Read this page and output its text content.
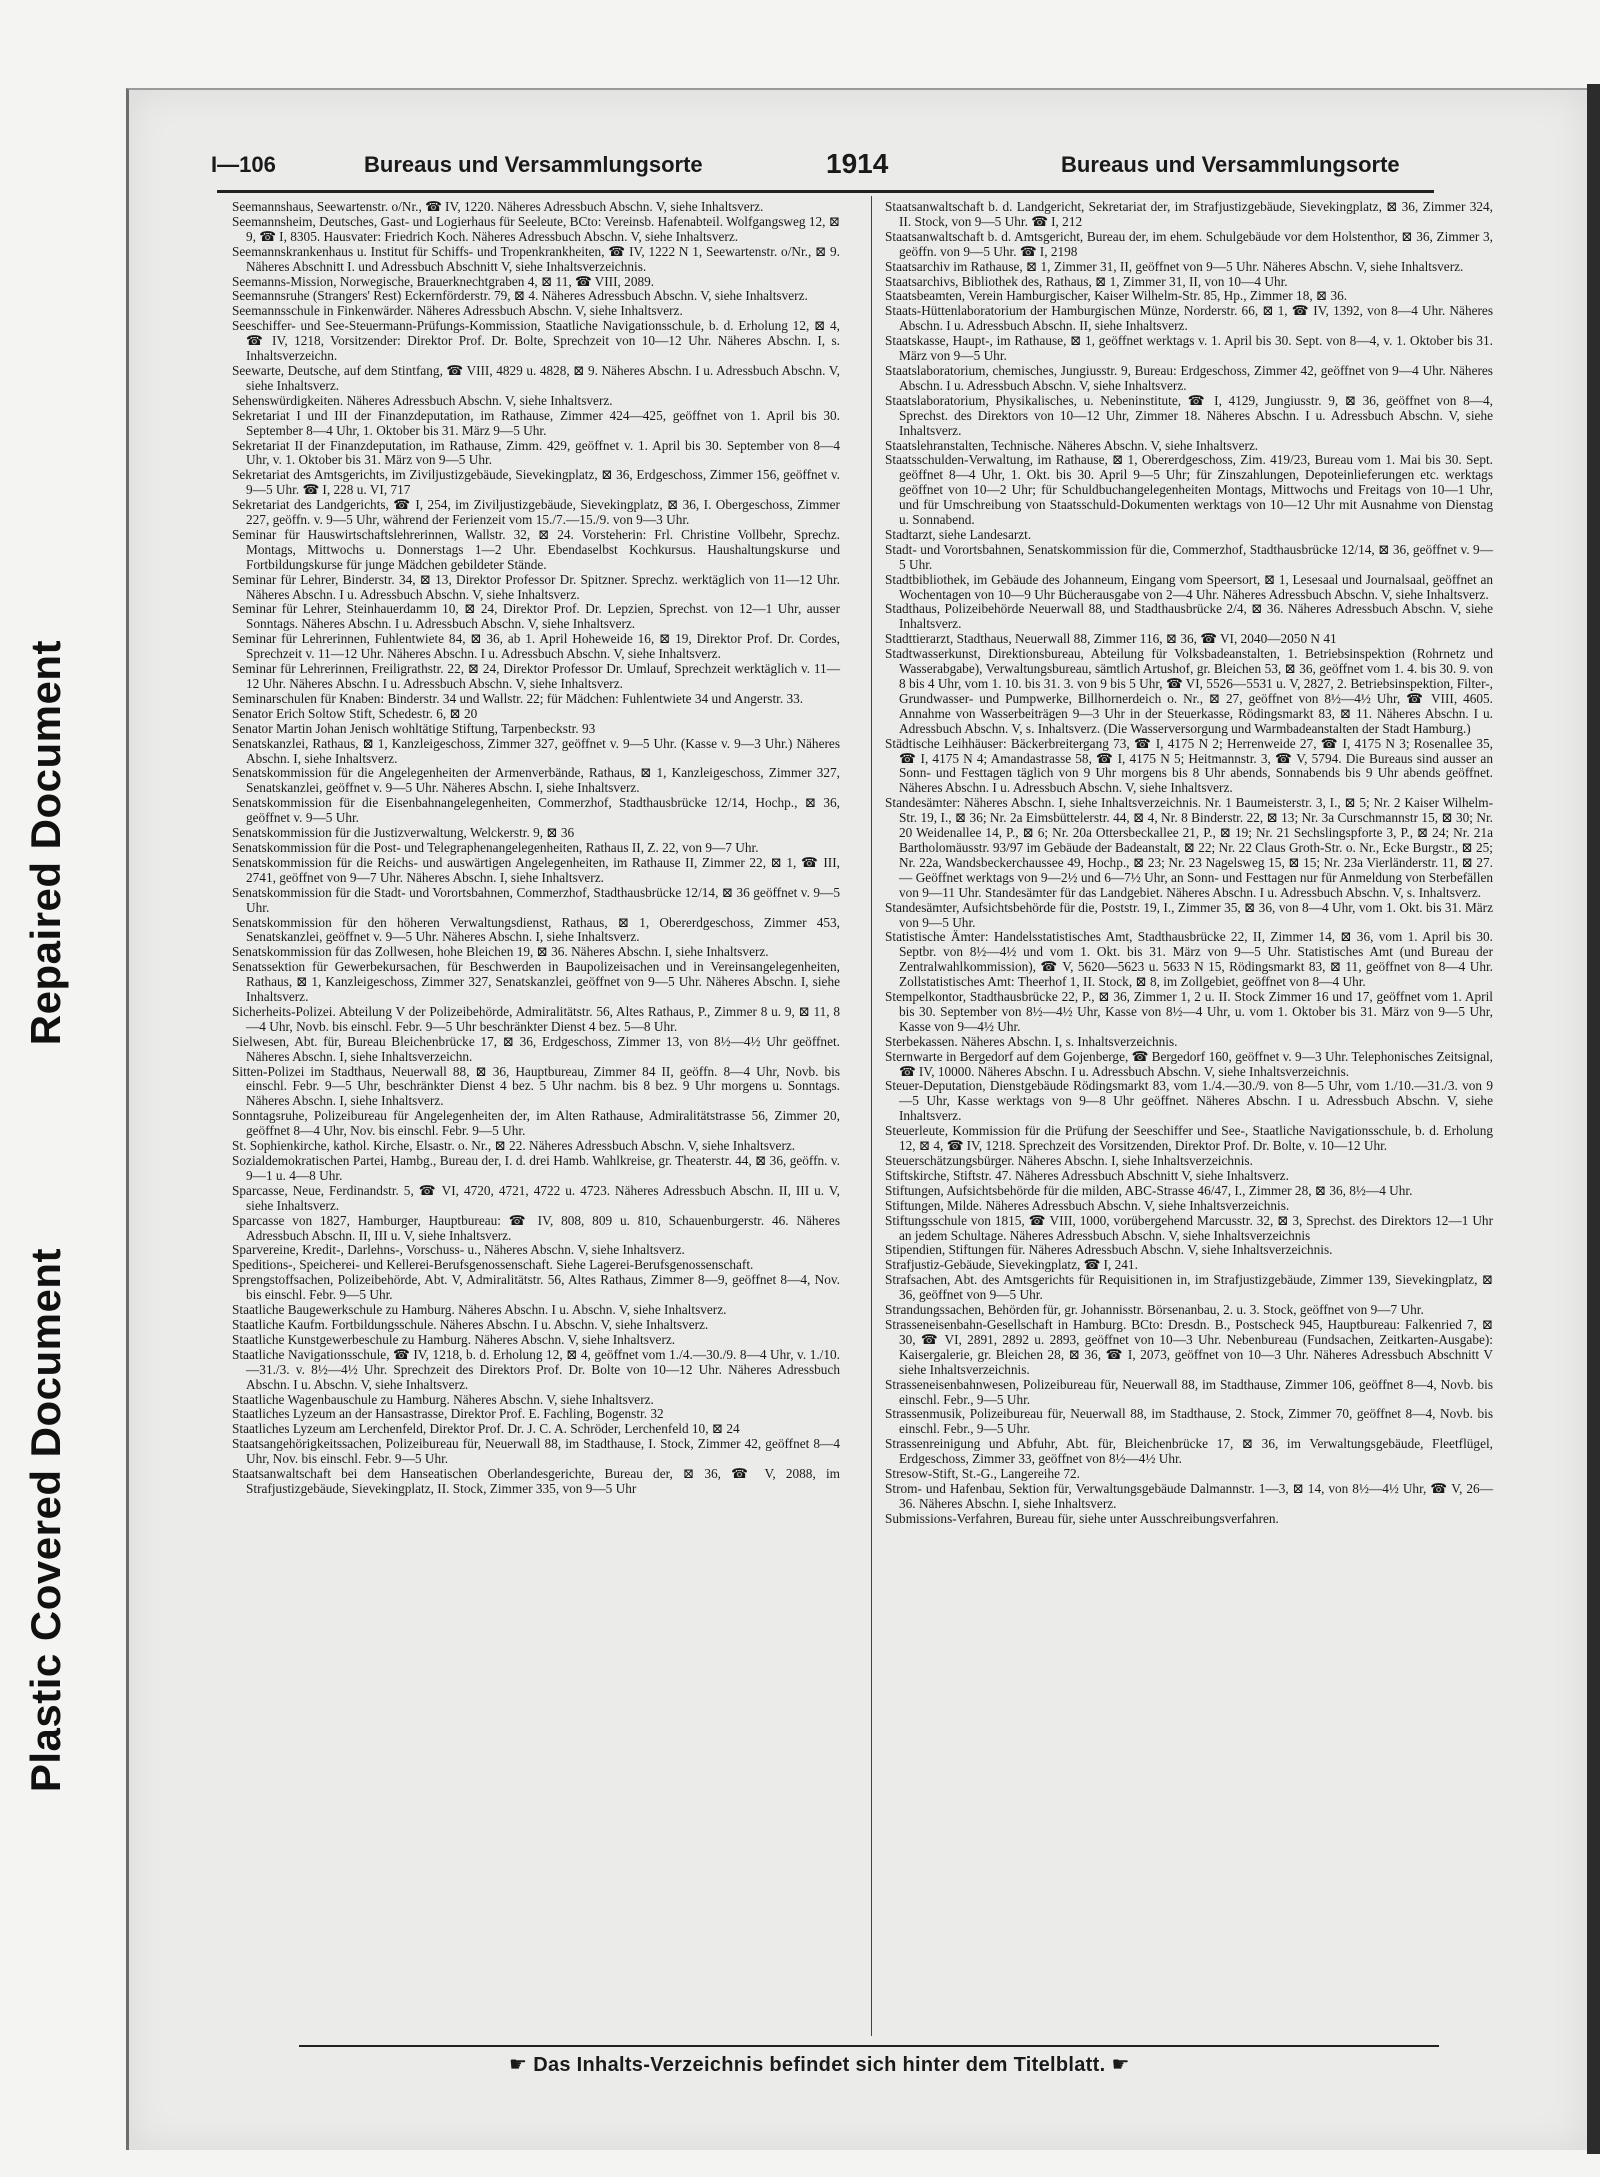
Repaired Document
Plastic Covered Document
I—106	Bureaus und Versammlungsorte	1914	Bureaus und Versammlungsorte
Seemannshaus, Seewartenstr. o/Nr., ☎ IV, 1220. Näheres Adressbuch Abschn. V, siehe Inhaltsverz.
Seemannsheim, Deutsches, Gast- und Logierhaus für Seeleute, BCto: Vereinsb. Hafenabteil. Wolfgangsweg 12, ⊠ 9, ☎ I, 8305. Hausvater: Friedrich Koch. Näheres Adressbuch Abschn. V, siehe Inhaltsverz.
Seemannskrankenhaus u. Institut für Schiffs- und Tropenkrankheiten, ☎ IV, 1222 N 1, Seewartenstr. o/Nr., ⊠ 9. Näheres Abschnitt I. und Adressbuch Abschnitt V, siehe Inhaltsverzeichnis.
Seemanns-Mission, Norwegische, Brauerknechtgraben 4, ⊠ 11, ☎ VIII, 2089.
Seemannsruhe (Strangers' Rest) Eckernförderstr. 79, ⊠ 4. Näheres Adressbuch Abschn. V, siehe Inhaltsverz.
Seemannsschule in Finkenwärder. Näheres Adressbuch Abschn. V, siehe Inhaltsverz.
Seeschiffer- und See-Steuermann-Prüfungs-Kommission, Staatliche Navigationsschule, b. d. Erholung 12, ⊠ 4, ☎ IV, 1218, Vorsitzender: Direktor Prof. Dr. Bolte, Sprechzeit von 10—12 Uhr. Näheres Abschn. I, s. Inhaltsverzeichn.
Seewarte, Deutsche, auf dem Stintfang, ☎ VIII, 4829 u. 4828, ⊠ 9. Näheres Abschn. I u. Adressbuch Abschn. V, siehe Inhaltsverz.
Sehenswürdigkeiten. Näheres Adressbuch Abschn. V, siehe Inhaltsverz.
Sekretariat I und III der Finanzdeputation, im Rathause, Zimmer 424—425, geöffnet von 1. April bis 30. September 8—4 Uhr, 1. Oktober bis 31. März 9—5 Uhr.
Sekretariat II der Finanzdeputation, im Rathause, Zimm. 429, geöffnet v. 1. April bis 30. September von 8—4 Uhr, v. 1. Oktober bis 31. März von 9—5 Uhr.
Sekretariat des Amtsgerichts, im Ziviljustizgebäude, Sievekingplatz, ⊠ 36, Erdgeschoss, Zimmer 156, geöffnet v. 9—5 Uhr. ☎ I, 228 u. VI, 717
Sekretariat des Landgerichts, ☎ I, 254, im Ziviljustizgebäude, Sievekingplatz, ⊠ 36, I. Obergeschoss, Zimmer 227, geöffn. v. 9—5 Uhr, während der Ferienzeit vom 15./7.—15./9. von 9—3 Uhr.
Seminar für Hauswirtschaftslehrerinnen, Wallstr. 32, ⊠ 24. Vorsteherin: Frl. Christine Vollbehr, Sprechz. Montags, Mittwochs u. Donnerstags 1—2 Uhr. Ebendaselbst Kochkursus. Haushaltungskurse und Fortbildungskurse für junge Mädchen gebildeter Stände.
Seminar für Lehrer, Binderstr. 34, ⊠ 13, Direktor Professor Dr. Spitzner. Sprechz. werktäglich von 11—12 Uhr. Näheres Abschn. I u. Adressbuch Abschn. V, siehe Inhaltsverz.
Seminar für Lehrer, Steinhauerdamm 10, ⊠ 24, Direktor Prof. Dr. Lepzien, Sprechst. von 12—1 Uhr, ausser Sonntags. Näheres Abschn. I u. Adressbuch Abschn. V, siehe Inhaltsverz.
Seminar für Lehrerinnen, Fuhlentwiete 84, ⊠ 36, ab 1. April Hoheweide 16, ⊠ 19, Direktor Prof. Dr. Cordes, Sprechzeit v. 11—12 Uhr. Näheres Abschn. I u. Adressbuch Abschn. V, siehe Inhaltsverz.
Seminar für Lehrerinnen, Freiligrathstr. 22, ⊠ 24, Direktor Professor Dr. Umlauf, Sprechzeit werktäglich v. 11—12 Uhr. Näheres Abschn. I u. Adressbuch Abschn. V, siehe Inhaltsverz.
Seminarschulen für Knaben: Binderstr. 34 und Wallstr. 22; für Mädchen: Fuhlentwiete 34 und Angerstr. 33.
Senator Erich Soltow Stift, Schedestr. 6, ⊠ 20
Senator Martin Johan Jenisch wohltätige Stiftung, Tarpenbeckstr. 93
Senatskanzlei, Rathaus, ⊠ 1, Kanzleigeschoss, Zimmer 327, geöffnet v. 9—5 Uhr. (Kasse v. 9—3 Uhr.) Näheres Abschn. I, siehe Inhaltsverz.
Senatskommission für die Angelegenheiten der Armenverbände, Rathaus, ⊠ 1, Kanzleigeschoss, Zimmer 327, Senatskanzlei, geöffnet v. 9—5 Uhr. Näheres Abschn. I, siehe Inhaltsverz.
Senatskommission für die Eisenbahnangelegenheiten, Commerzhof, Stadthausbrücke 12/14, Hochp., ⊠ 36, geöffnet v. 9—5 Uhr.
Senatskommission für die Justizverwaltung, Welckerstr. 9, ⊠ 36
Senatskommission für die Post- und Telegraphenangelegenheiten, Rathaus II, Z. 22, von 9—7 Uhr.
Senatskommission für die Reichs- und auswärtigen Angelegenheiten, im Rathause II, Zimmer 22, ⊠ 1, ☎ III, 2741, geöffnet von 9—7 Uhr. Näheres Abschn. I, siehe Inhaltsverz.
Senatskommission für die Stadt- und Vorortsbahnen, Commerzhof, Stadthausbrücke 12/14, ⊠ 36 geöffnet v. 9—5 Uhr.
Senatskommission für den höheren Verwaltungsdienst, Rathaus, ⊠ 1, Obererdgeschoss, Zimmer 453, Senatskanzlei, geöffnet v. 9—5 Uhr. Näheres Abschn. I, siehe Inhaltsverz.
Senatskommission für das Zollwesen, hohe Bleichen 19, ⊠ 36. Näheres Abschn. I, siehe Inhaltsverz.
Senatssektion für Gewerbekursachen, für Beschwerden in Baupolizeisachen und in Vereinsangelegenheiten, Rathaus, ⊠ 1, Kanzleigeschoss, Zimmer 327, Senatskanzlei, geöffnet von 9—5 Uhr. Näheres Abschn. I, siehe Inhaltsverz.
Sicherheits-Polizei. Abteilung V der Polizeibehörde, Admiralitätstr. 56, Altes Rathaus, P., Zimmer 8 u. 9, ⊠ 11, 8—4 Uhr, Novb. bis einschl. Febr. 9—5 Uhr beschränkter Dienst 4 bez. 5—8 Uhr.
Sielwesen, Abt. für, Bureau Bleichenbrücke 17, ⊠ 36, Erdgeschoss, Zimmer 13, von 8½—4½ Uhr geöffnet. Näheres Abschn. I, siehe Inhaltsverzeichn.
Sitten-Polizei im Stadthaus, Neuerwall 88, ⊠ 36, Hauptbureau, Zimmer 84 II, geöffn. 8—4 Uhr, Novb. bis einschl. Febr. 9—5 Uhr, beschränkter Dienst 4 bez. 5 Uhr nachm. bis 8 bez. 9 Uhr morgens u. Sonntags. Näheres Abschn. I, siehe Inhaltsverz.
Sonntagsruhe, Polizeibureau für Angelegenheiten der, im Alten Rathause, Admiralitätstrasse 56, Zimmer 20, geöffnet 8—4 Uhr, Nov. bis einschl. Febr. 9—5 Uhr.
St. Sophienkirche, kathol. Kirche, Elsastr. o. Nr., ⊠ 22. Näheres Adressbuch Abschn. V, siehe Inhaltsverz.
Sozialdemokratischen Partei, Hambg., Bureau der, I. d. drei Hamb. Wahlkreise, gr. Theaterstr. 44, ⊠ 36, geöffn. v. 9—1 u. 4—8 Uhr.
Sparcasse, Neue, Ferdinandstr. 5, ☎ VI, 4720, 4721, 4722 u. 4723. Näheres Adressbuch Abschn. II, III u. V, siehe Inhaltsverz.
Sparcasse von 1827, Hamburger, Hauptbureau: ☎ IV, 808, 809 u. 810, Schauenburgerstr. 46. Näheres Adressbuch Abschn. II, III u. V, siehe Inhaltsverz.
Sparvereine, Kredit-, Darlehns-, Vorschuss- u., Näheres Abschn. V, siehe Inhaltsverz.
Speditions-, Speicherei- und Kellerei-Berufsgenossenschaft. Siehe Lagerei-Berufsgenossenschaft.
Sprengstoffsachen, Polizeibehörde, Abt. V, Admiralitätstr. 56, Altes Rathaus, Zimmer 8—9, geöffnet 8—4, Nov. bis einschl. Febr. 9—5 Uhr.
Staatliche Baugewerkschule zu Hamburg. Näheres Abschn. I u. Abschn. V, siehe Inhaltsverz.
Staatliche Kaufm. Fortbildungsschule. Näheres Abschn. I u. Abschn. V, siehe Inhaltsverz.
Staatliche Kunstgewerbeschule zu Hamburg. Näheres Abschn. V, siehe Inhaltsverz.
Staatliche Navigationsschule, ☎ IV, 1218, b. d. Erholung 12, ⊠ 4, geöffnet vom 1./4.—30./9. 8—4 Uhr, v. 1./10.—31./3. v. 8½—4½ Uhr. Sprechzeit des Direktors Prof. Dr. Bolte von 10—12 Uhr. Näheres Adressbuch Abschn. I u. Abschn. V, siehe Inhaltsverz.
Staatliche Wagenbauschule zu Hamburg. Näheres Abschn. V, siehe Inhaltsverz.
Staatliches Lyzeum an der Hansastrasse, Direktor Prof. E. Fachling, Bogenstr. 32
Staatliches Lyzeum am Lerchenfeld, Direktor Prof. Dr. J. C. A. Schröder, Lerchenfeld 10, ⊠ 24
Staatsangehörigkeitssachen, Polizeibureau für, Neuerwall 88, im Stadthause, I. Stock, Zimmer 42, geöffnet 8—4 Uhr, Nov. bis einschl. Febr. 9—5 Uhr.
Staatsanwaltschaft bei dem Hanseatischen Oberlandesgerichte, Bureau der, ⊠ 36, ☎ V, 2088, im Strafjustizgebäude, Sievekingplatz, II. Stock, Zimmer 335, von 9—5 Uhr
Staatsanwaltschaft b. d. Landgericht, Sekretariat der, im Strafjustizgebäude, Sievekingplatz, ⊠ 36, Zimmer 324, II. Stock, von 9—5 Uhr. ☎ I, 212
Staatsanwaltschaft b. d. Amtsgericht, Bureau der, im ehem. Schulgebäude vor dem Holstenthor, ⊠ 36, Zimmer 3, geöffn. von 9—5 Uhr. ☎ I, 2198
Staatsarchiv im Rathause, ⊠ 1, Zimmer 31, II, geöffnet von 9—5 Uhr. Näheres Abschn. V, siehe Inhaltsverz.
Staatsarchivs, Bibliothek des, Rathaus, ⊠ 1, Zimmer 31, II, von 10—4 Uhr.
Staatsbeamten, Verein Hamburgischer, Kaiser Wilhelm-Str. 85, Hp., Zimmer 18, ⊠ 36.
Staats-Hüttenlaboratorium der Hamburgischen Münze, Norderstr. 66, ⊠ 1, ☎ IV, 1392, von 8—4 Uhr. Näheres Abschn. I u. Adressbuch Abschn. II, siehe Inhaltsverz.
Staatskasse, Haupt-, im Rathause, ⊠ 1, geöffnet werktags v. 1. April bis 30. Sept. von 8—4, v. 1. Oktober bis 31. März von 9—5 Uhr.
Staatslaboratorium, chemisches, Jungiusstr. 9, Bureau: Erdgeschoss, Zimmer 42, geöffnet von 9—4 Uhr. Näheres Abschn. I u. Adressbuch Abschn. V, siehe Inhaltsverz.
Staatslaboratorium, Physikalisches, u. Nebeninstitute, ☎ I, 4129, Jungiusstr. 9, ⊠ 36, geöffnet von 8—4, Sprechst. des Direktors von 10—12 Uhr, Zimmer 18. Näheres Abschn. I u. Adressbuch Abschn. V, siehe Inhaltsverz.
Staatslehranstalten, Technische. Näheres Abschn. V, siehe Inhaltsverz.
Staatsschulden-Verwaltung, im Rathause, ⊠ 1, Obererdgeschoss, Zim. 419/23, Bureau vom 1. Mai bis 30. Sept. geöffnet 8—4 Uhr, 1. Okt. bis 30. April 9—5 Uhr; für Zinszahlungen, Depoteinlieferungen etc. werktags geöffnet von 10—2 Uhr; für Schuldbuchangelegenheiten Montags, Mittwochs und Freitags von 10—1 Uhr, und für Umschreibung von Staatsschuld-Dokumenten werktags von 10—12 Uhr mit Ausnahme von Dienstag u. Sonnabend.
Stadtarzt, siehe Landesarzt.
Stadt- und Vorortsbahnen, Senatskommission für die, Commerzhof, Stadthausbrücke 12/14, ⊠ 36, geöffnet v. 9—5 Uhr.
Stadtbibliothek, im Gebäude des Johanneum, Eingang vom Speersort, ⊠ 1, Lesesaal und Journalsaal, geöffnet an Wochentagen von 10—9 Uhr Bücherausgabe von 2—4 Uhr. Näheres Adressbuch Abschn. V, siehe Inhaltsverz.
Stadthaus, Polizeibehörde Neuerwall 88, und Stadthausbrücke 2/4, ⊠ 36. Näheres Adressbuch Abschn. V, siehe Inhaltsverz.
Stadttierarzt, Stadthaus, Neuerwall 88, Zimmer 116, ⊠ 36, ☎ VI, 2040—2050 N 41
Stadtwasserkunst, Direktionsbureau, Abteilung für Volksbadeanstalten, 1. Betriebsinspektion (Rohrnetz und Wasserabgabe), Verwaltungsbureau, sämtlich Artushof, gr. Bleichen 53, ⊠ 36, geöffnet vom 1. 4. bis 30. 9. von 8 bis 4 Uhr, vom 1. 10. bis 31. 3. von 9 bis 5 Uhr, ☎ VI, 5526—5531 u. V, 2827, 2. Betriebsinspektion, Filter-, Grundwasser- und Pumpwerke, Billhornerdeich o. Nr., ⊠ 27, geöffnet von 8½—4½ Uhr, ☎ VIII, 4605. Annahme von Wasserbeiträgen 9—3 Uhr in der Steuerkasse, Rödingsmarkt 83, ⊠ 11. Näheres Abschn. I u. Adressbuch Abschn. V, s. Inhaltsverz. (Die Wasserversorgung und Warmbadeanstalten der Stadt Hamburg.)
Städtische Leihhäuser: Bäckerbreitergang 73, ☎ I, 4175 N 2; Herrenweide 27, ☎ I, 4175 N 3; Rosenallee 35, ☎ I, 4175 N 4; Amandastrasse 58, ☎ I, 4175 N 5; Heitmannstr. 3, ☎ V, 5794. Die Bureaus sind ausser an Sonn- und Festtagen täglich von 9 Uhr morgens bis 8 Uhr abends, Sonnabends bis 9 Uhr abends geöffnet. Näheres Abschn. I u. Adressbuch Abschn. V, siehe Inhaltsverz.
Standesämter: Näheres Abschn. I, siehe Inhaltsverzeichnis. Nr. 1 Baumeisterstr. 3, I., ⊠ 5; Nr. 2 Kaiser Wilhelm-Str. 19, I., ⊠ 36; Nr. 2a Eimsbüttelerstr. 44, ⊠ 4, Nr. 8 Binderstr. 22, ⊠ 13; Nr. 3a Curschmannstr 15, ⊠ 30; Nr. 20 Weidenallee 14, P., ⊠ 6; Nr. 20a Ottersbeckallee 21, P., ⊠ 19; Nr. 21 Sechslingspforte 3, P., ⊠ 24; Nr. 21a Bartholomäusstr. 93/97 im Gebäude der Badeanstalt, ⊠ 22; Nr. 22 Claus Groth-Str. o. Nr., Ecke Burgstr., ⊠ 25; Nr. 22a, Wandsbeckerchaussee 49, Hochp., ⊠ 23; Nr. 23 Nagelsweg 15, ⊠ 15; Nr. 23a Vierländerstr. 11, ⊠ 27. — Geöffnet werktags von 9—2½ und 6—7½ Uhr, an Sonn- und Festtagen nur für Anmeldung von Sterbefällen von 9—11 Uhr. Standesämter für das Landgebiet. Näheres Abschn. I u. Adressbuch Abschn. V, s. Inhaltsverz.
Standesämter, Aufsichtsbehörde für die, Poststr. 19, I., Zimmer 35, ⊠ 36, von 8—4 Uhr, vom 1. Okt. bis 31. März von 9—5 Uhr.
Statistische Ämter: Handelsstatistisches Amt, Stadthausbrücke 22, II, Zimmer 14, ⊠ 36, vom 1. April bis 30. Septbr. von 8½—4½ und vom 1. Okt. bis 31. März von 9—5 Uhr. Statistisches Amt (und Bureau der Zentralwahlkommission), ☎ V, 5620—5623 u. 5633 N 15, Rödingsmarkt 83, ⊠ 11, geöffnet von 8—4 Uhr. Zollstatistisches Amt: Theerhof 1, II. Stock, ⊠ 8, im Zollgebiet, geöffnet von 8—4 Uhr.
Stempelkontor, Stadthausbrücke 22, P., ⊠ 36, Zimmer 1, 2 u. II. Stock Zimmer 16 und 17, geöffnet vom 1. April bis 30. September von 8½—4½ Uhr, Kasse von 8½—4 Uhr, u. vom 1. Oktober bis 31. März von 9—5 Uhr, Kasse von 9—4½ Uhr.
Sterbekassen. Näheres Abschn. I, s. Inhaltsverzeichnis.
Sternwarte in Bergedorf auf dem Gojenberge, ☎ Bergedorf 160, geöffnet v. 9—3 Uhr. Telephonisches Zeitsignal, ☎ IV, 10000. Näheres Abschn. I u. Adressbuch Abschn. V, siehe Inhaltsverzeichnis.
Steuer-Deputation, Dienstgebäude Rödingsmarkt 83, vom 1./4.—30./9. von 8—5 Uhr, vom 1./10.—31./3. von 9—5 Uhr, Kasse werktags von 9—8 Uhr geöffnet. Näheres Abschn. I u. Adressbuch Abschn. V, siehe Inhaltsverz.
Steuerleute, Kommission für die Prüfung der Seeschiffer und See-, Staatliche Navigationsschule, b. d. Erholung 12, ⊠ 4, ☎ IV, 1218. Sprechzeit des Vorsitzenden, Direktor Prof. Dr. Bolte, v. 10—12 Uhr.
Steuerschätzungsbürger. Näheres Abschn. I, siehe Inhaltsverzeichnis.
Stiftskirche, Stiftstr. 47. Näheres Adressbuch Abschnitt V, siehe Inhaltsverz.
Stiftungen, Aufsichtsbehörde für die milden, ABC-Strasse 46/47, I., Zimmer 28, ⊠ 36, 8½—4 Uhr.
Stiftungen, Milde. Näheres Adressbuch Abschn. V, siehe Inhaltsverzeichnis.
Stiftungsschule von 1815, ☎ VIII, 1000, vorübergehend Marcusstr. 32, ⊠ 3, Sprechst. des Direktors 12—1 Uhr an jedem Schultage. Näheres Adressbuch Abschn. V, siehe Inhaltsverzeichnis
Stipendien, Stiftungen für. Näheres Adressbuch Abschn. V, siehe Inhaltsverzeichnis.
Strafjustiz-Gebäude, Sievekingplatz, ☎ I, 241.
Strafsachen, Abt. des Amtsgerichts für Requisitionen in, im Strafjustizgebäude, Zimmer 139, Sievekingplatz, ⊠ 36, geöffnet von 9—5 Uhr.
Strandungssachen, Behörden für, gr. Johannisstr. Börsenanbau, 2. u. 3. Stock, geöffnet von 9—7 Uhr.
Strasseneisenbahn-Gesellschaft in Hamburg. BCto: Dresdn. B., Postscheck 945, Hauptbureau: Falkenried 7, ⊠ 30, ☎ VI, 2891, 2892 u. 2893, geöffnet von 10—3 Uhr. Nebenbureau (Fundsachen, Zeitkarten-Ausgabe): Kaisergalerie, gr. Bleichen 28, ⊠ 36, ☎ I, 2073, geöffnet von 10—3 Uhr. Näheres Adressbuch Abschnitt V siehe Inhaltsverzeichnis.
Strasseneisenbahnwesen, Polizeibureau für, Neuerwall 88, im Stadthause, Zimmer 106, geöffnet 8—4, Novb. bis einschl. Febr., 9—5 Uhr.
Strassenmusik, Polizeibureau für, Neuerwall 88, im Stadthause, 2. Stock, Zimmer 70, geöffnet 8—4, Novb. bis einschl. Febr., 9—5 Uhr.
Strassenreinigung und Abfuhr, Abt. für, Bleichenbrücke 17, ⊠ 36, im Verwaltungsgebäude, Fleetflügel, Erdgeschoss, Zimmer 33, geöffnet von 8½—4½ Uhr.
Stresow-Stift, St.-G., Langereihe 72.
Strom- und Hafenbau, Sektion für, Verwaltungsgebäude Dalmannstr. 1—3, ⊠ 14, von 8½—4½ Uhr, ☎ V, 26—36. Näheres Abschn. I, siehe Inhaltsverz.
Submissions-Verfahren, Bureau für, siehe unter Ausschreibungsverfahren.
☛ Das Inhalts-Verzeichnis befindet sich hinter dem Titelblatt. ☛
